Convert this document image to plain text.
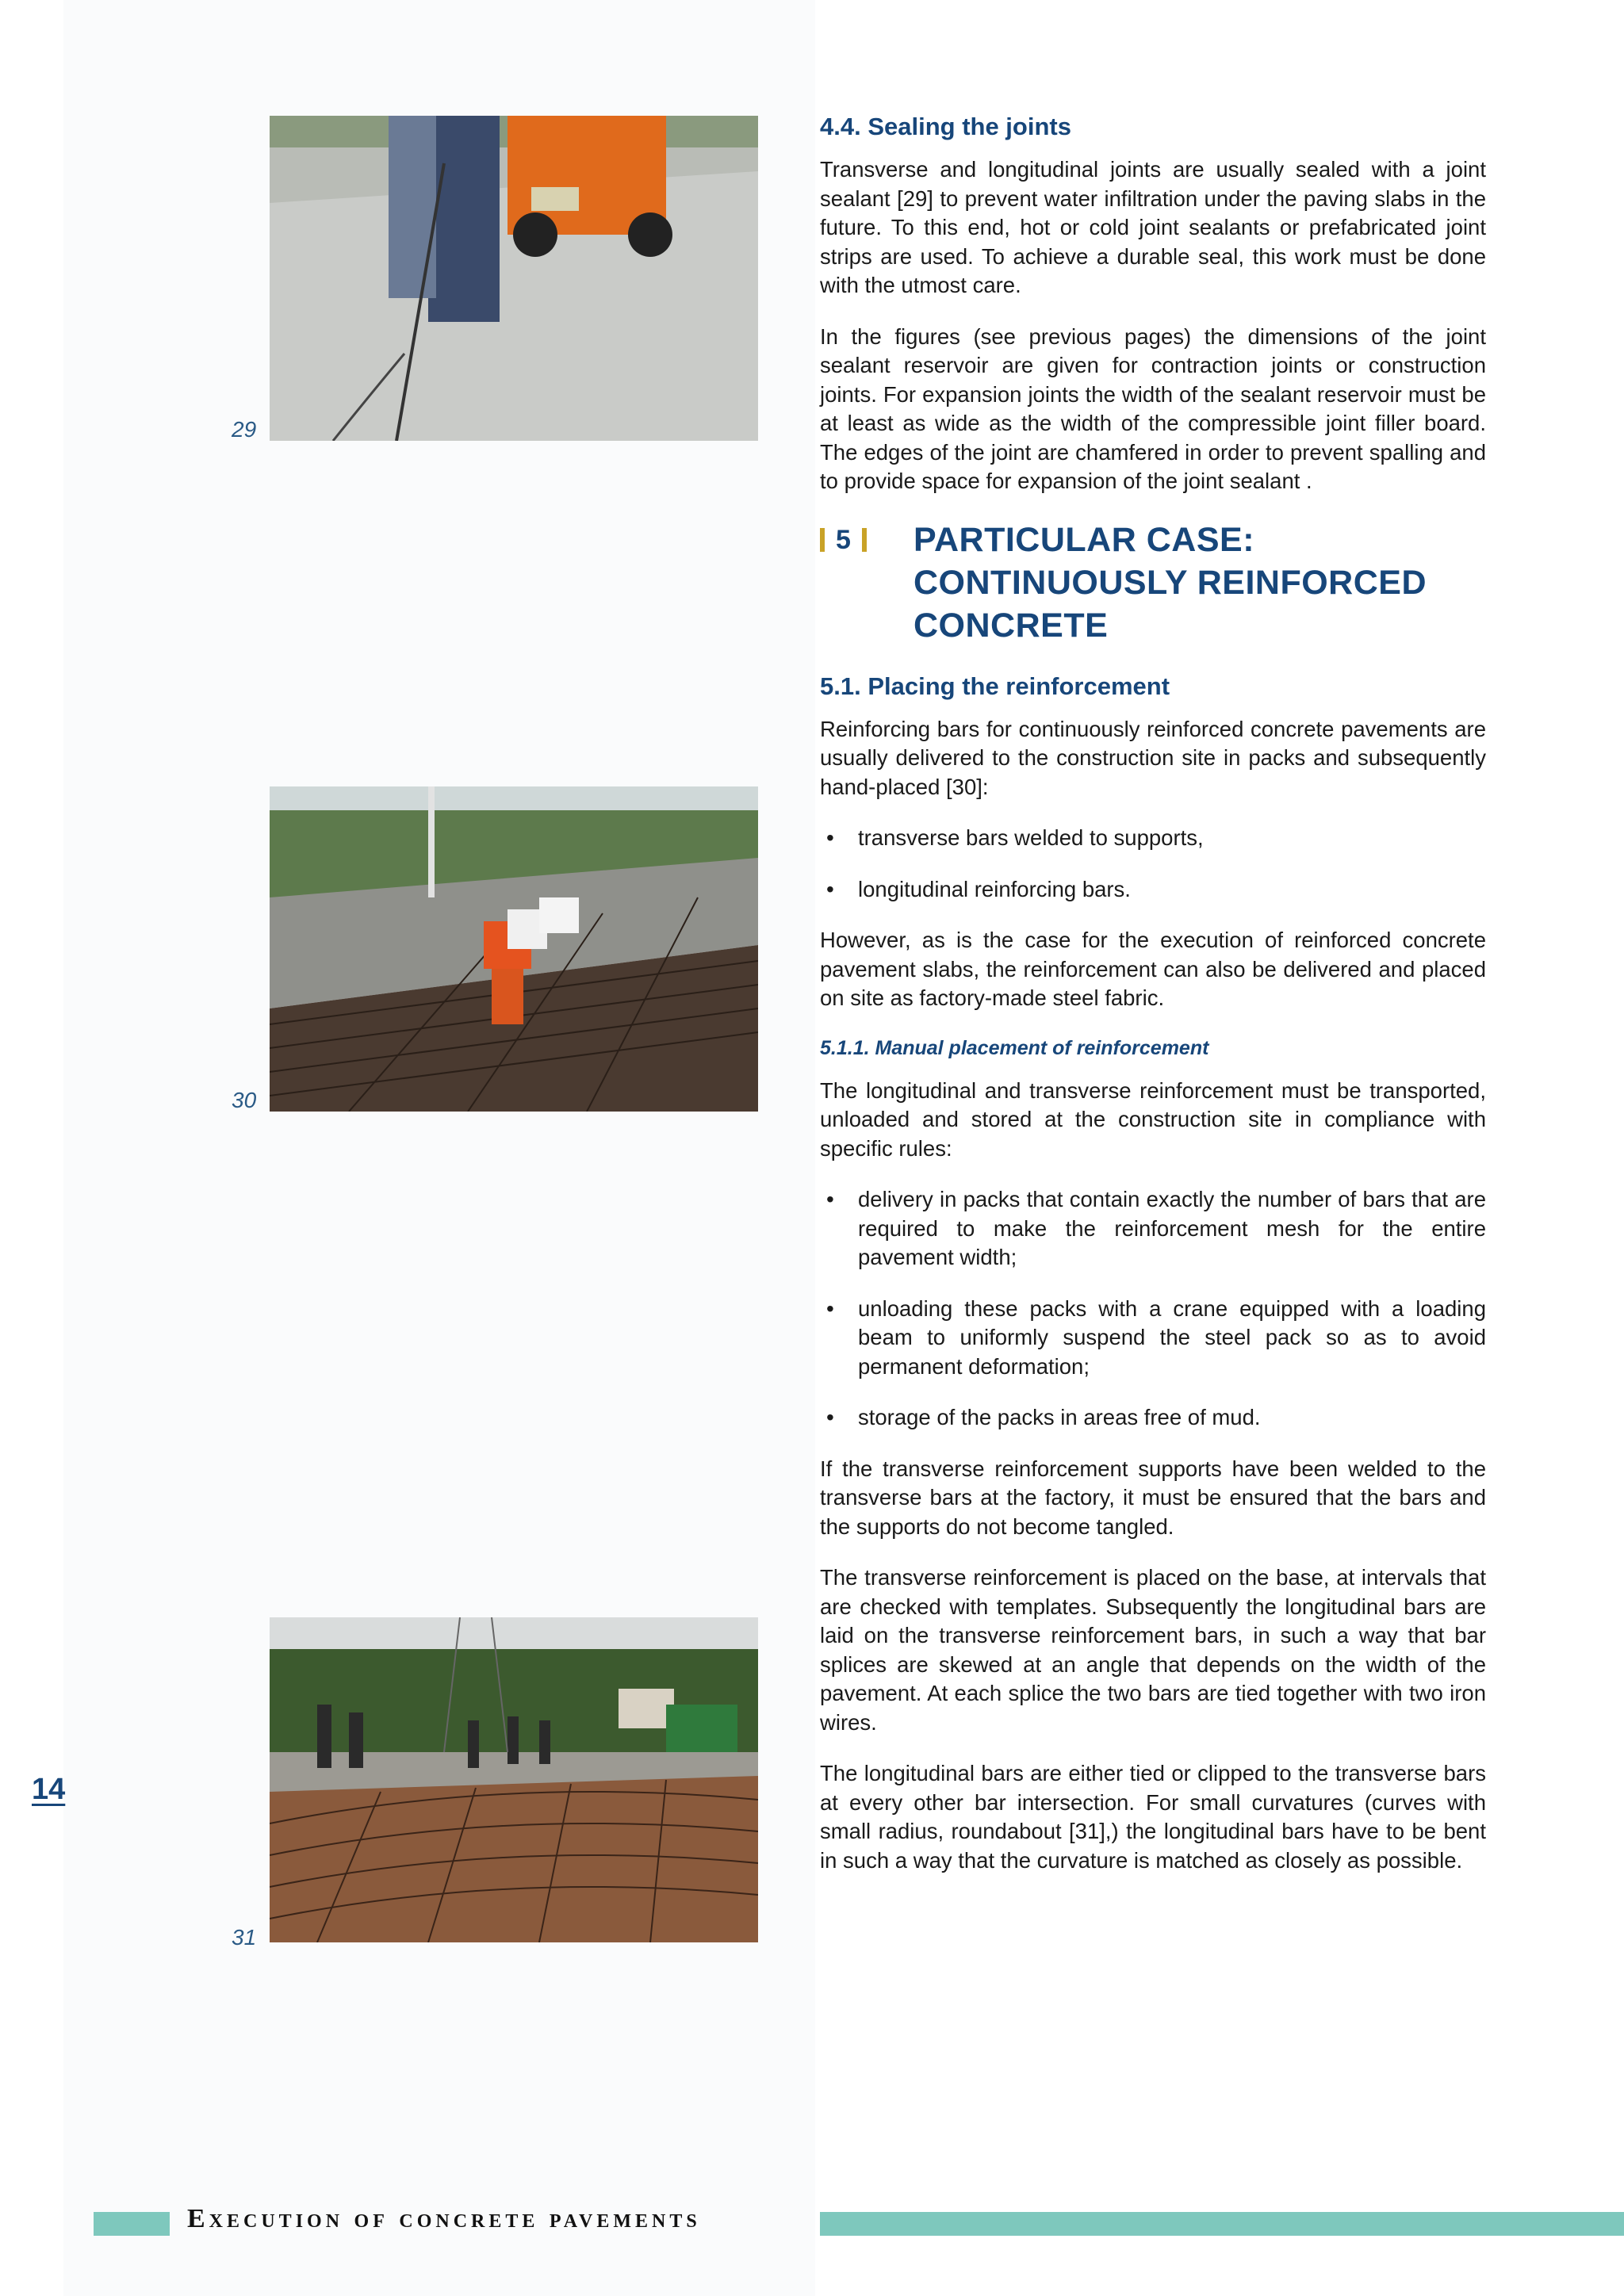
29
30
31
14
4.4. Sealing the joints

Transverse and longitudinal joints are usually sealed with a joint sealant [29] to prevent water infiltration under the paving slabs in the future. To this end, hot or cold joint sealants or prefabricated joint strips are used. To achieve a durable seal, this work must be done with the utmost care.

In the figures (see previous pages) the dimensions of the joint sealant reservoir are given for contraction joints or construction joints. For expansion joints the width of the sealant reservoir must be at least as wide as the width of the compressible joint filler board. The edges of the joint are chamfered in order to prevent spalling and to provide space for expansion of the joint sealant .

5 PARTICULAR CASE:
CONTINUOUSLY REINFORCED
CONCRETE
5.1. Placing the reinforcement

Reinforcing bars for continuously reinforced concrete pavements are usually delivered to the construction site in packs and subsequently hand-placed [30]:

• transverse bars welded to supports,
• longitudinal reinforcing bars.

However, as is the case for the execution of reinforced concrete pavement slabs, the reinforcement can also be delivered and placed on site as factory-made steel fabric.

5.1.1. Manual placement of reinforcement

The longitudinal and transverse reinforcement must be transported, unloaded and stored at the construction site in compliance with specific rules:

• delivery in packs that contain exactly the number of bars that are required to make the reinforcement mesh for the entire pavement width;
• unloading these packs with a crane equipped with a loading beam to uniformly suspend the steel pack so as to avoid permanent deformation;
• storage of the packs in areas free of mud.

If the transverse reinforcement supports have been welded to the transverse bars at the factory, it must be ensured that the bars and the supports do not become tangled.

The transverse reinforcement is placed on the base, at intervals that are checked with templates. Subsequently the longitudinal bars are laid on the transverse reinforcement bars, in such a way that bar splices are skewed at an angle that depends on the width of the pavement. At each splice the two bars are tied together with two iron wires.

The longitudinal bars are either tied or clipped to the transverse bars at every other bar intersection. For small curvatures (curves with small radius, roundabout [31],) the longitudinal bars have to be bent in such a way that the curvature is matched as closely as possible.

Execution of concrete pavements
